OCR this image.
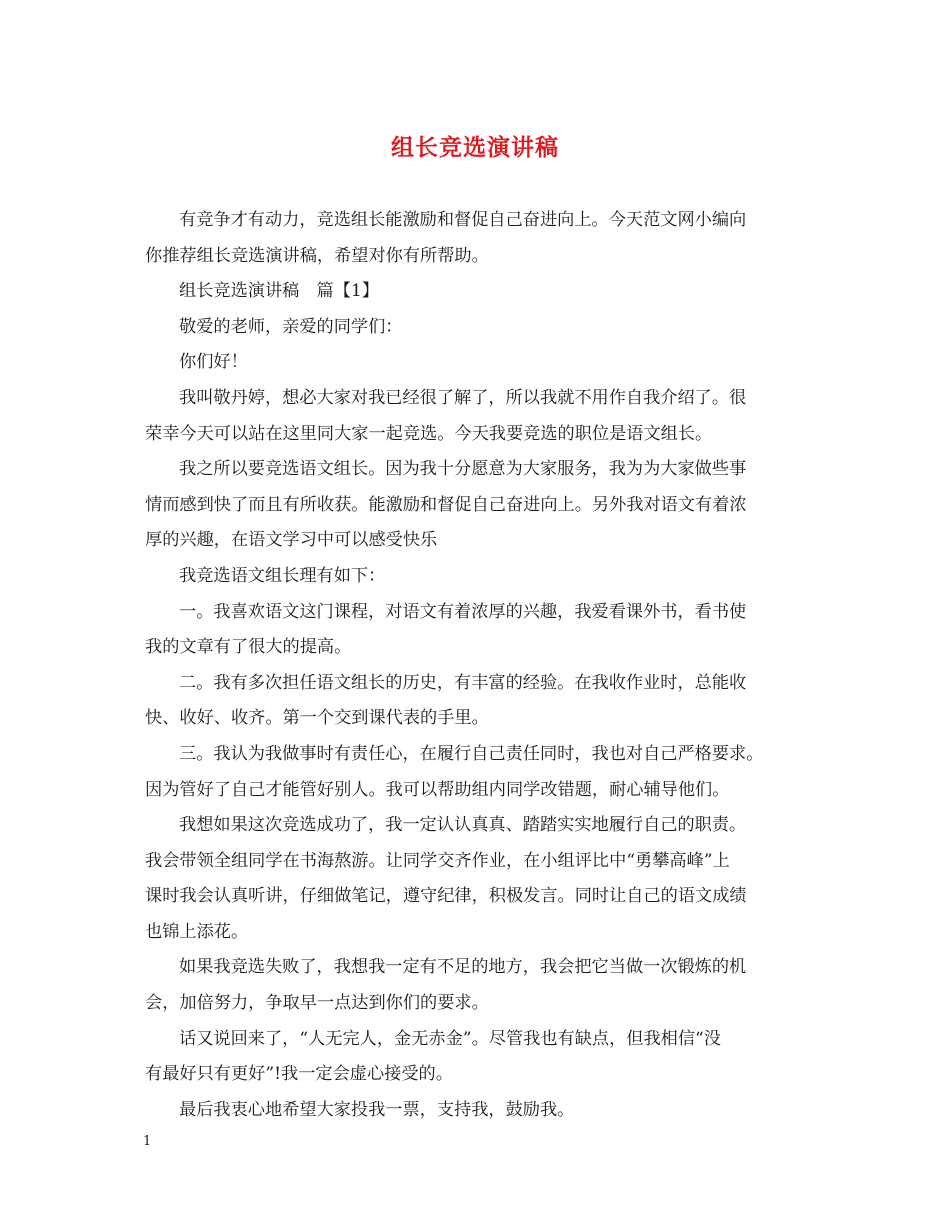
组长竞选演讲稿
有竞争才有动力，竞选组长能激励和督促自己奋进向上。今天范文网小编向
你推荐组长竞选演讲稿，希望对你有所帮助。
组长竞选演讲稿　篇【1】
敬爱的老师，亲爱的同学们：
你们好！
我叫敬丹婷，想必大家对我已经很了解了，所以我就不用作自我介绍了。很
荣幸今天可以站在这里同大家一起竞选。今天我要竞选的职位是语文组长。
我之所以要竞选语文组长。因为我十分愿意为大家服务，我为为大家做些事
情而感到快了而且有所收获。能激励和督促自己奋进向上。另外我对语文有着浓
厚的兴趣，在语文学习中可以感受快乐
我竞选语文组长理有如下：
一。我喜欢语文这门课程，对语文有着浓厚的兴趣，我爱看课外书，看书使
我的文章有了很大的提高。
二。我有多次担任语文组长的历史，有丰富的经验。在我收作业时，总能收
快、收好、收齐。第一个交到课代表的手里。
三。我认为我做事时有责任心，在履行自己责任同时，我也对自己严格要求。
因为管好了自己才能管好别人。我可以帮助组内同学改错题，耐心辅导他们。
我想如果这次竞选成功了，我一定认认真真、踏踏实实地履行自己的职责。
我会带领全组同学在书海熬游。让同学交齐作业，在小组评比中“勇攀高峰”上
课时我会认真听讲，仔细做笔记，遵守纪律，积极发言。同时让自己的语文成绩
也锦上添花。
如果我竞选失败了，我想我一定有不足的地方，我会把它当做一次锻炼的机
会，加倍努力，争取早一点达到你们的要求。
话又说回来了，“人无完人，金无赤金”。尽管我也有缺点，但我相信“没
有最好只有更好”!我一定会虚心接受的。
最后我衷心地希望大家投我一票，支持我，鼓励我。
1
